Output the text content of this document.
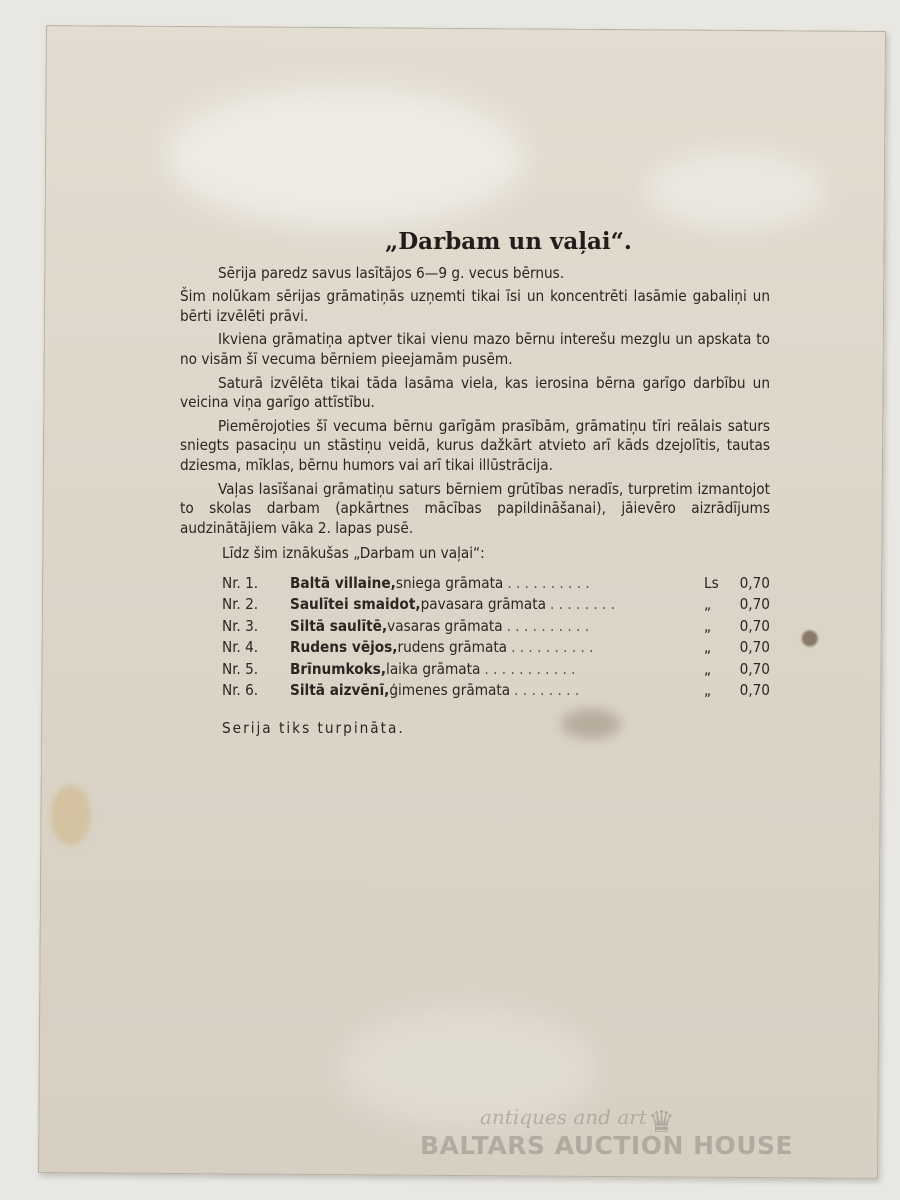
„Darbam un vaļai“.

Sērija paredz savus lasītājos 6—9 g. vecus bērnus.

Šim nolūkam sērijas grāmatiņās uzņemti tikai īsi un koncentrēti lasāmie gabaliņi un bērti izvēlēti prāvi.

Ikviena grāmatiņa aptver tikai vienu mazo bērnu interešu mezglu un apskata to no visām šī vecuma bērniem pieejamām pusēm.

Saturā izvēlēta tikai tāda lasāma viela, kas ierosina bērna garīgo darbību un veicina viņa garīgo attīstību.

Piemērojoties šī vecuma bērnu garīgām prasībām, grāmatiņu tīri reālais saturs sniegts pasaciņu un stāstiņu veidā, kurus dažkārt atvieto arī kāds dzejolītis, tautas dziesma, mīklas, bērnu humors vai arī tikai illūstrācija.

Vaļas lasīšanai grāmatiņu saturs bērniem grūtības neradīs, turpretim izmantojot to skolas darbam (apkārtnes mācības papildināšanai), jāievēro aizrādījums audzinātājiem vāka 2. lapas pusē.

Līdz šim iznākušas „Darbam un vaļai“:
Nr. 1.	Baltā villaine, sniega grāmata . . . . . . . . . .	Ls	0,70
Nr. 2.	Saulītei smaidot, pavasara grāmata . . . . . . . .	„	0,70
Nr. 3.	Siltā saulītē, vasaras grāmata . . . . . . . . . .	„	0,70
Nr. 4.	Rudens vējos, rudens grāmata . . . . . . . . . .	„	0,70
Nr. 5.	Brīnumkoks, laika grāmata . . . . . . . . . . .	„	0,70
Nr. 6.	Siltā aizvēnī, ģimenes grāmata . . . . . . . .	„	0,70
Serija tiks turpināta.
antiques and art ♛
BALTARS AUCTION HOUSE
